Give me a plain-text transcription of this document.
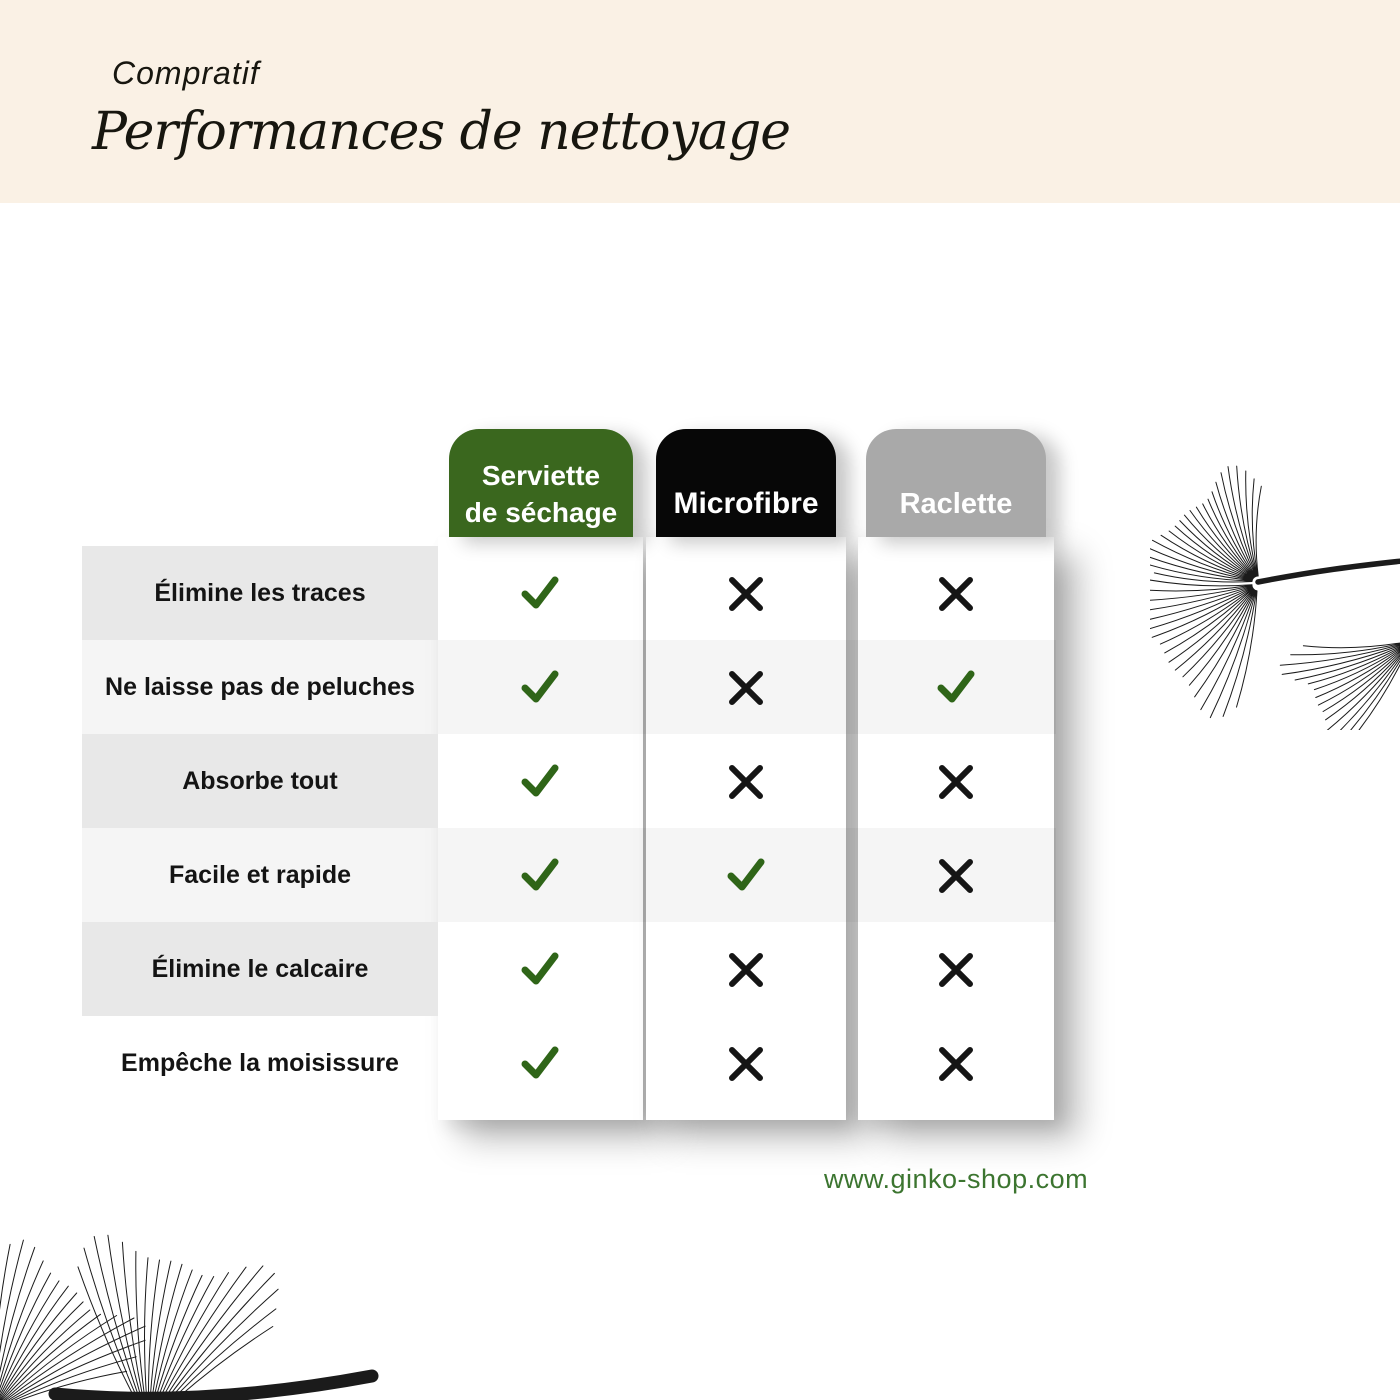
Compratif
Performances de nettoyage
Serviette
de séchage Microfibre	Raclette
Élimine les traces
Ne laisse pas de peluches
Absorbe tout
Facile et rapide
Élimine le calcaire
Empêche la moisissure
www.ginko-shop.com
